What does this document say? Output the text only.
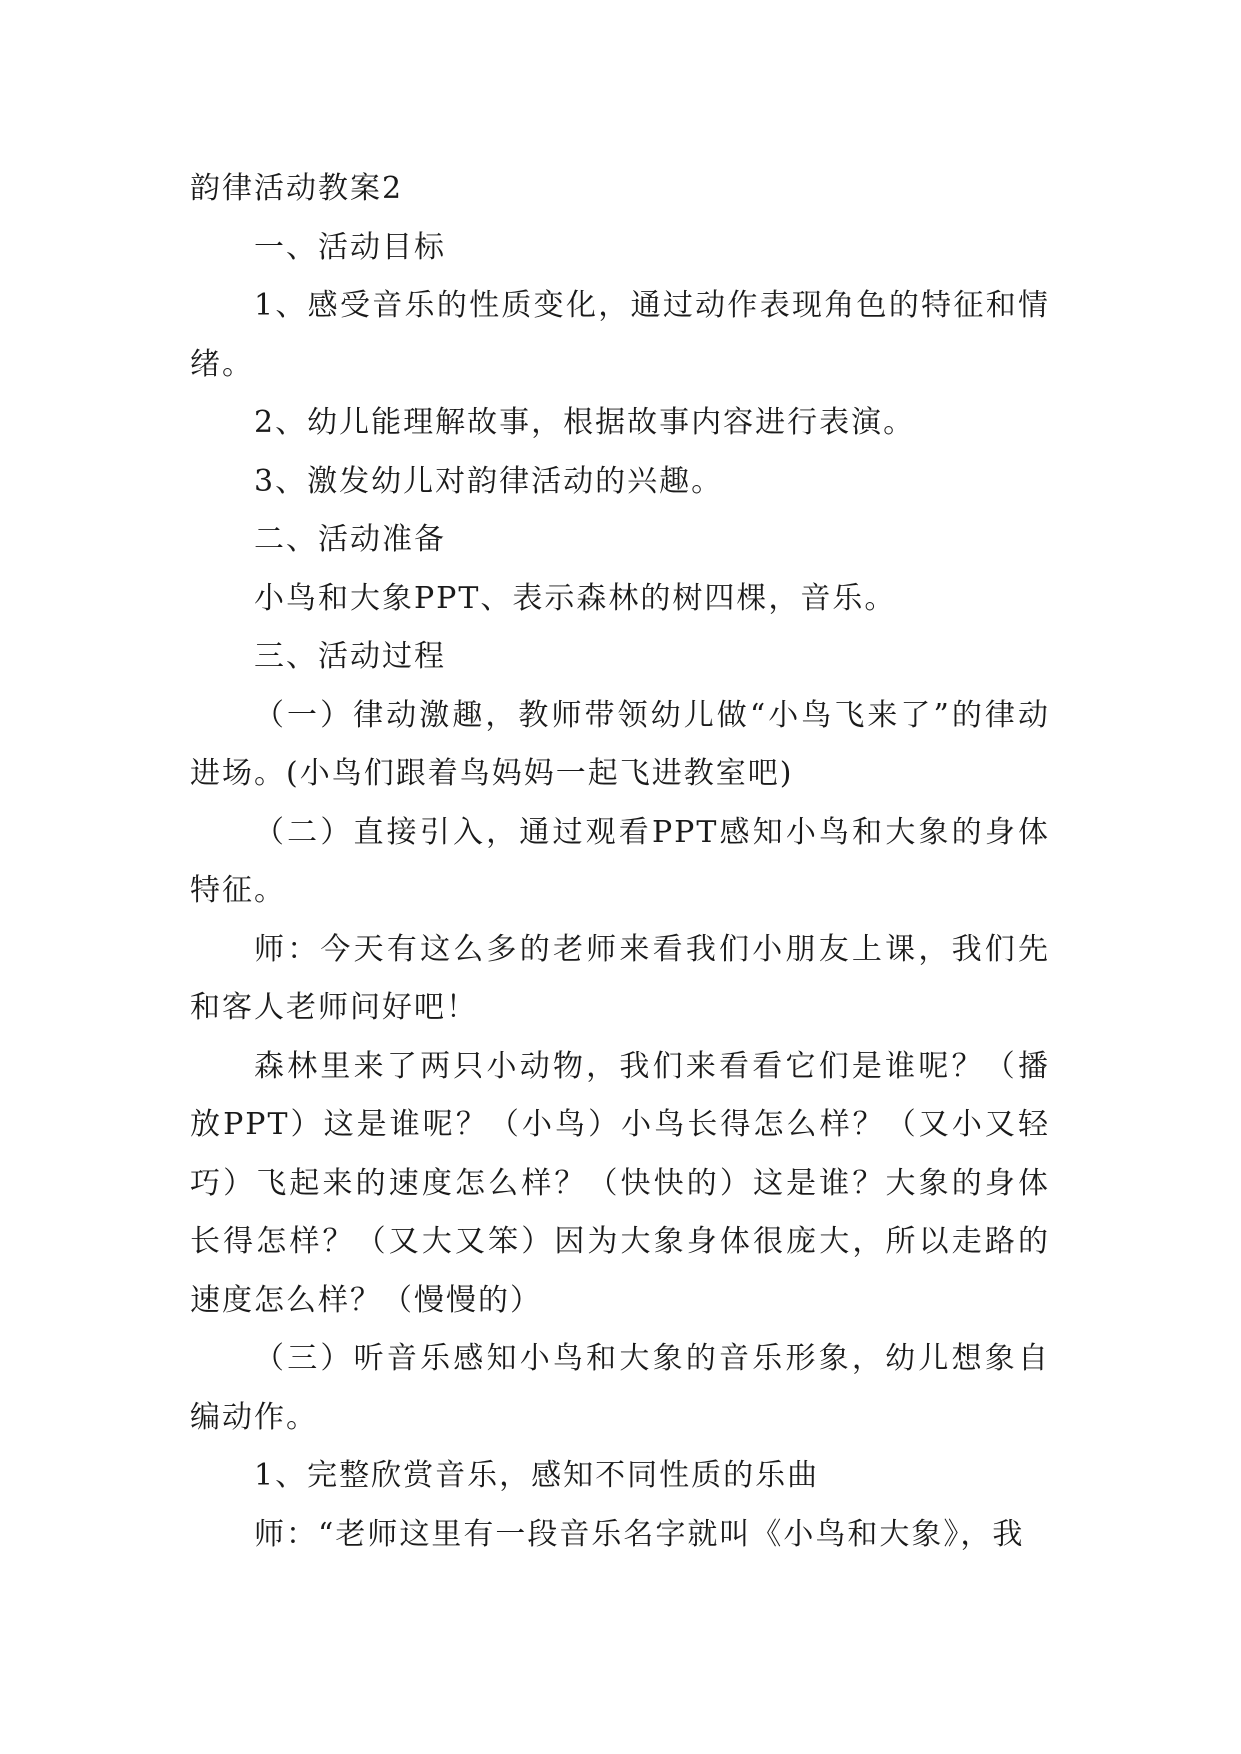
韵律活动教案2

一、活动目标

1、感受音乐的性质变化，通过动作表现角色的特征和情绪。

2、幼儿能理解故事，根据故事内容进行表演。

3、激发幼儿对韵律活动的兴趣。

二、活动准备

小鸟和大象PPT、表示森林的树四棵，音乐。

三、活动过程

（一）律动激趣，教师带领幼儿做“小鸟飞来了”的律动进场。(小鸟们跟着鸟妈妈一起飞进教室吧)

（二）直接引入，通过观看PPT感知小鸟和大象的身体特征。

师：今天有这么多的老师来看我们小朋友上课，我们先和客人老师问好吧！

森林里来了两只小动物，我们来看看它们是谁呢？（播放PPT）这是谁呢？（小鸟）小鸟长得怎么样？（又小又轻巧）飞起来的速度怎么样？（快快的）这是谁？大象的身体长得怎样？（又大又笨）因为大象身体很庞大，所以走路的速度怎么样？（慢慢的）

（三）听音乐感知小鸟和大象的音乐形象，幼儿想象自编动作。

1、完整欣赏音乐，感知不同性质的乐曲

师：“老师这里有一段音乐名字就叫《小鸟和大象》，我
